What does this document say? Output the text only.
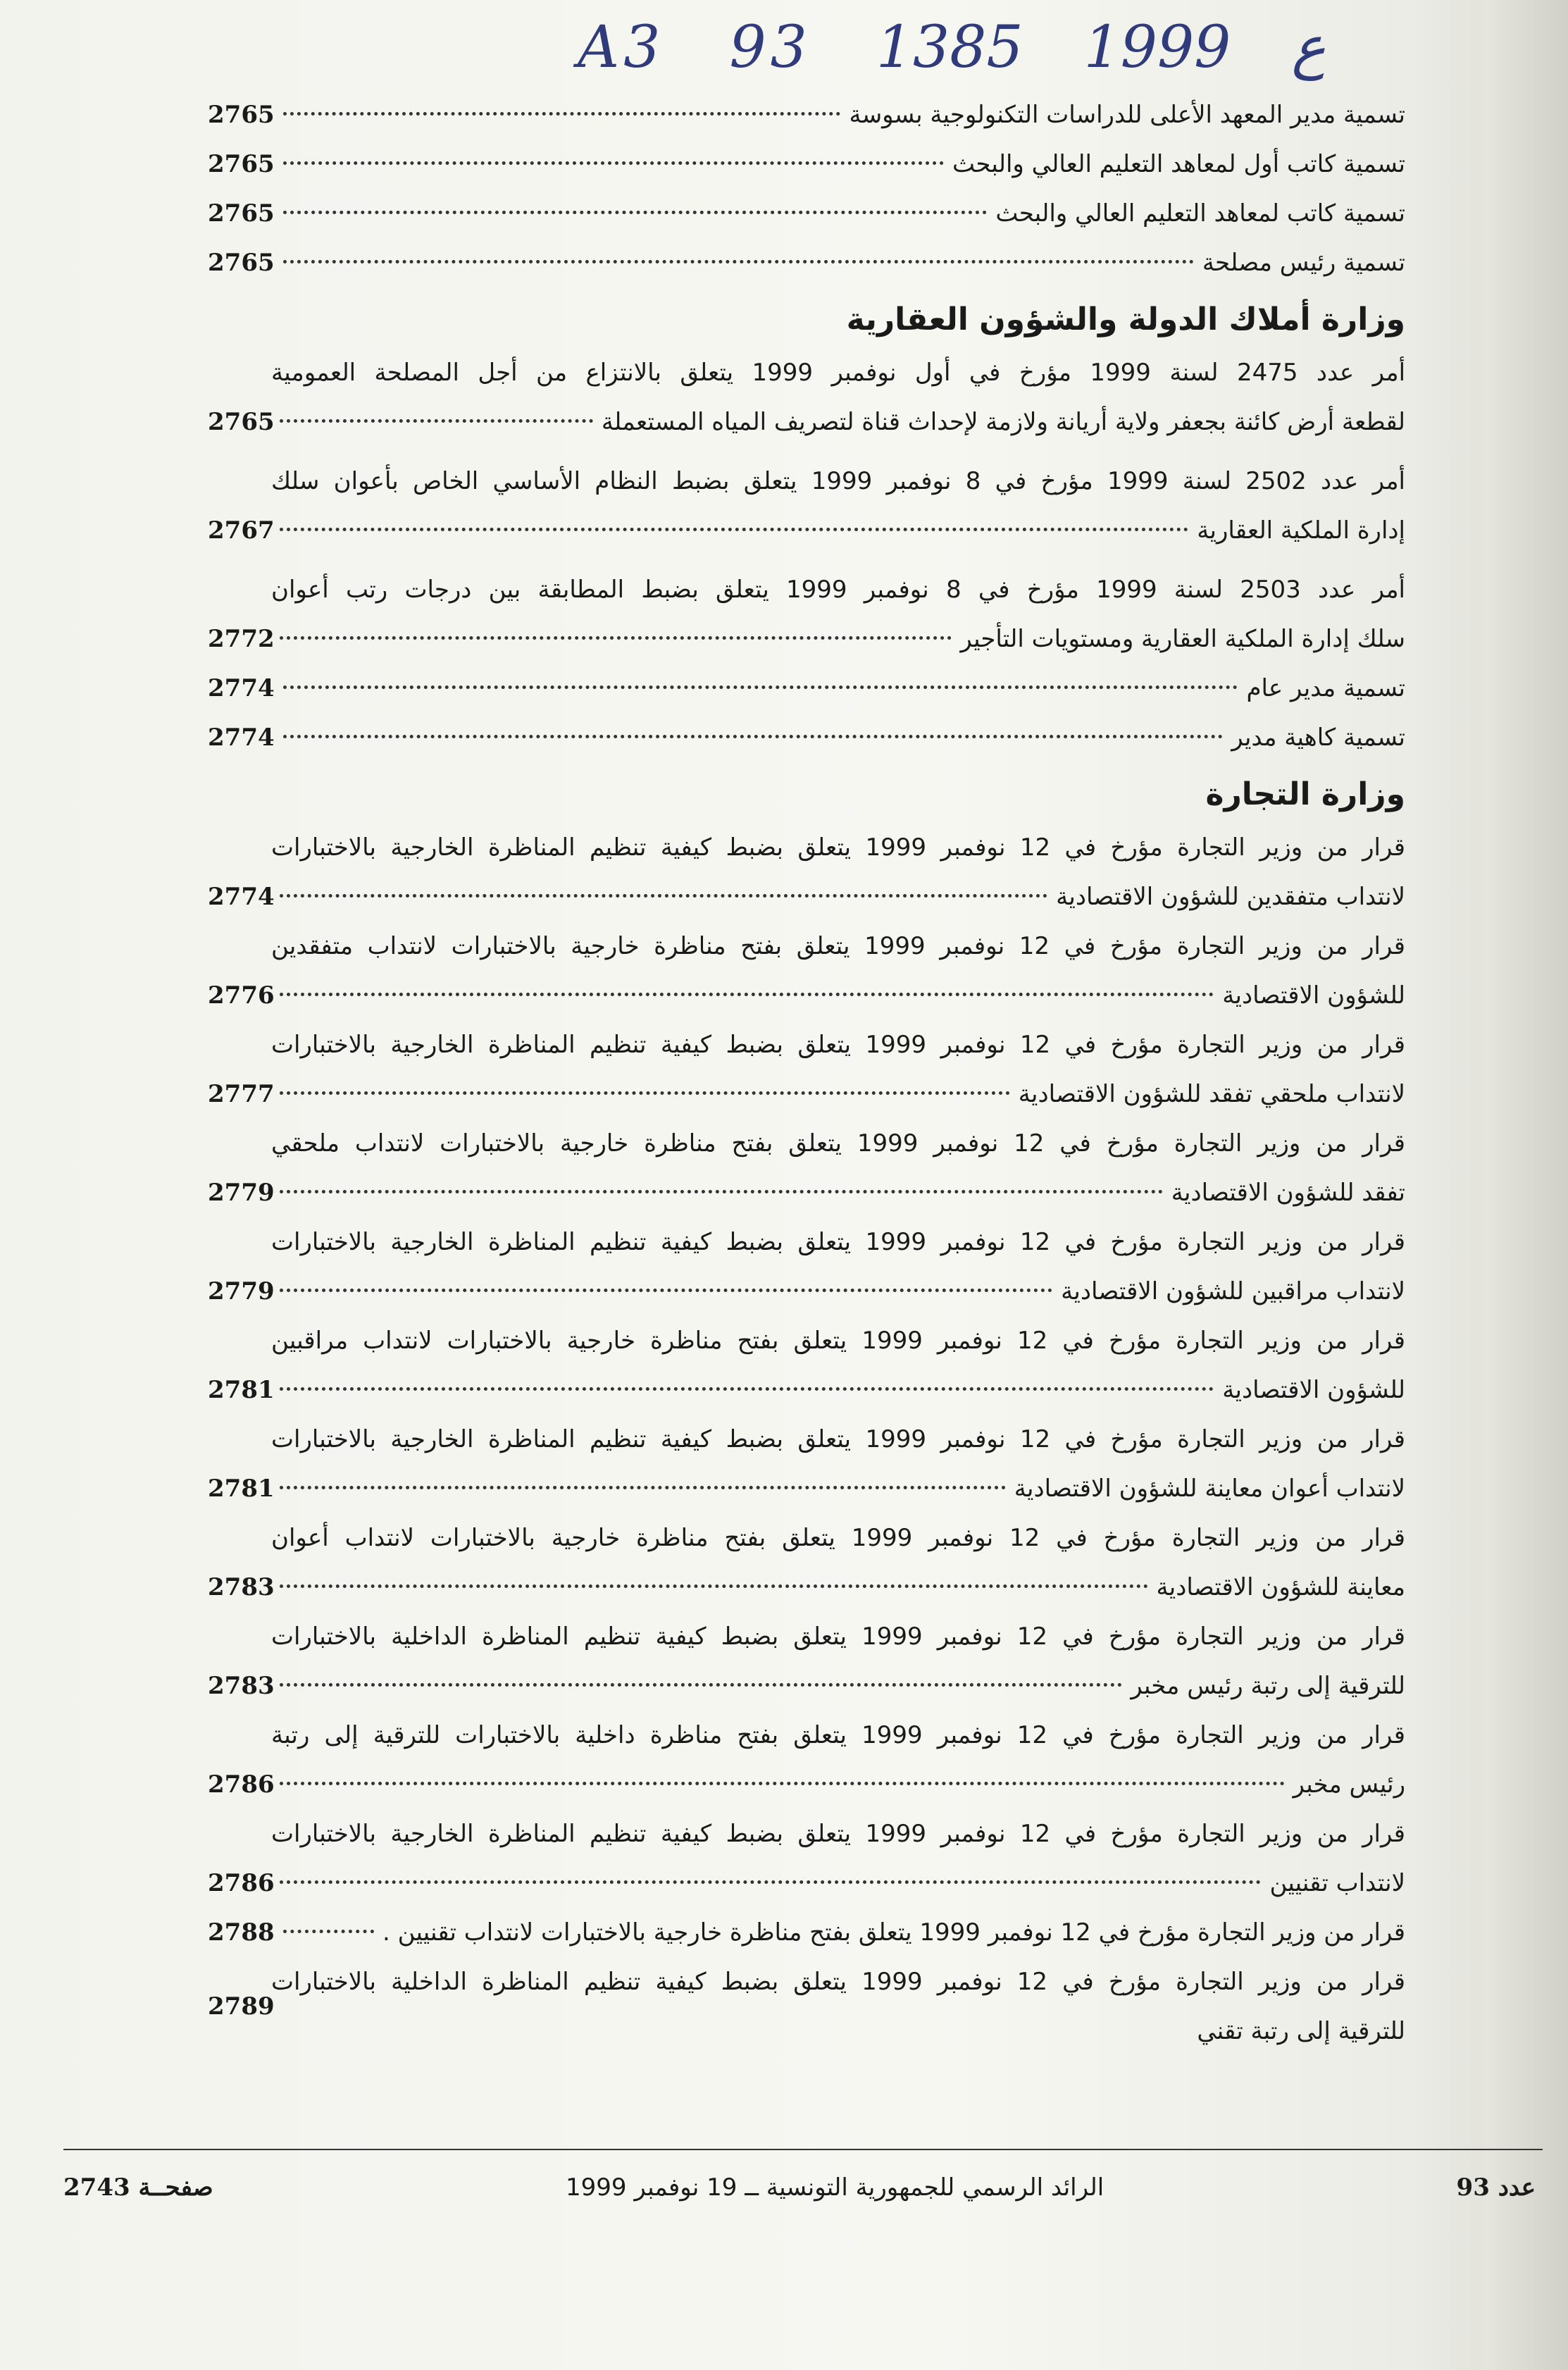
A3 93 ع 1999 1385
تسمية مدير المعهد الأعلى للدراسات التكنولوجية بسوسة
2765
تسمية كاتب أول لمعاهد التعليم العالي والبحث
2765
تسمية كاتب لمعاهد التعليم العالي والبحث
2765
تسمية رئيس مصلحة
2765
وزارة أملاك الدولة والشؤون العقارية
أمر عدد 2475 لسنة 1999 مؤرخ في أول نوفمبر 1999 يتعلق بالانتزاع من أجل المصلحة العمومية
لقطعة أرض كائنة بجعفر ولاية أريانة ولازمة لإحداث قناة لتصريف المياه المستعملة
2765
أمر عدد 2502 لسنة 1999 مؤرخ في 8 نوفمبر 1999 يتعلق بضبط النظام الأساسي الخاص بأعوان سلك
إدارة الملكية العقارية
2767
أمر عدد 2503 لسنة 1999 مؤرخ في 8 نوفمبر 1999 يتعلق بضبط المطابقة بين درجات رتب أعوان
سلك إدارة الملكية العقارية ومستويات التأجير
2772
تسمية مدير عام
2774
تسمية كاهية مدير
2774
وزارة التجارة
قرار من وزير التجارة مؤرخ في 12 نوفمبر 1999 يتعلق بضبط كيفية تنظيم المناظرة الخارجية بالاختبارات
لانتداب متفقدين للشؤون الاقتصادية
2774
قرار من وزير التجارة مؤرخ في 12 نوفمبر 1999 يتعلق بفتح مناظرة خارجية بالاختبارات لانتداب متفقدين
للشؤون الاقتصادية
2776
قرار من وزير التجارة مؤرخ في 12 نوفمبر 1999 يتعلق بضبط كيفية تنظيم المناظرة الخارجية بالاختبارات
لانتداب ملحقي تفقد للشؤون الاقتصادية
2777
قرار من وزير التجارة مؤرخ في 12 نوفمبر 1999 يتعلق بفتح مناظرة خارجية بالاختبارات لانتداب ملحقي
تفقد للشؤون الاقتصادية
2779
قرار من وزير التجارة مؤرخ في 12 نوفمبر 1999 يتعلق بضبط كيفية تنظيم المناظرة الخارجية بالاختبارات
لانتداب مراقبين للشؤون الاقتصادية
2779
قرار من وزير التجارة مؤرخ في 12 نوفمبر 1999 يتعلق بفتح مناظرة خارجية بالاختبارات لانتداب مراقبين
للشؤون الاقتصادية
2781
قرار من وزير التجارة مؤرخ في 12 نوفمبر 1999 يتعلق بضبط كيفية تنظيم المناظرة الخارجية بالاختبارات
لانتداب أعوان معاينة للشؤون الاقتصادية
2781
قرار من وزير التجارة مؤرخ في 12 نوفمبر 1999 يتعلق بفتح مناظرة خارجية بالاختبارات لانتداب أعوان
معاينة للشؤون الاقتصادية
2783
قرار من وزير التجارة مؤرخ في 12 نوفمبر 1999 يتعلق بضبط كيفية تنظيم المناظرة الداخلية بالاختبارات
للترقية إلى رتبة رئيس مخبر
2783
قرار من وزير التجارة مؤرخ في 12 نوفمبر 1999 يتعلق بفتح مناظرة داخلية بالاختبارات للترقية إلى رتبة
رئيس مخبر
2786
قرار من وزير التجارة مؤرخ في 12 نوفمبر 1999 يتعلق بضبط كيفية تنظيم المناظرة الخارجية بالاختبارات
لانتداب تقنيين
2786
قرار من وزير التجارة مؤرخ في 12 نوفمبر 1999 يتعلق بفتح مناظرة خارجية بالاختبارات لانتداب تقنيين .
2788
قرار من وزير التجارة مؤرخ في 12 نوفمبر 1999 يتعلق بضبط كيفية تنظيم المناظرة الداخلية بالاختبارات
للترقية إلى رتبة تقني
2789
عدد 93
الرائد الرسمي للجمهورية التونسية ــ 19 نوفمبر 1999
صفحــة 2743
